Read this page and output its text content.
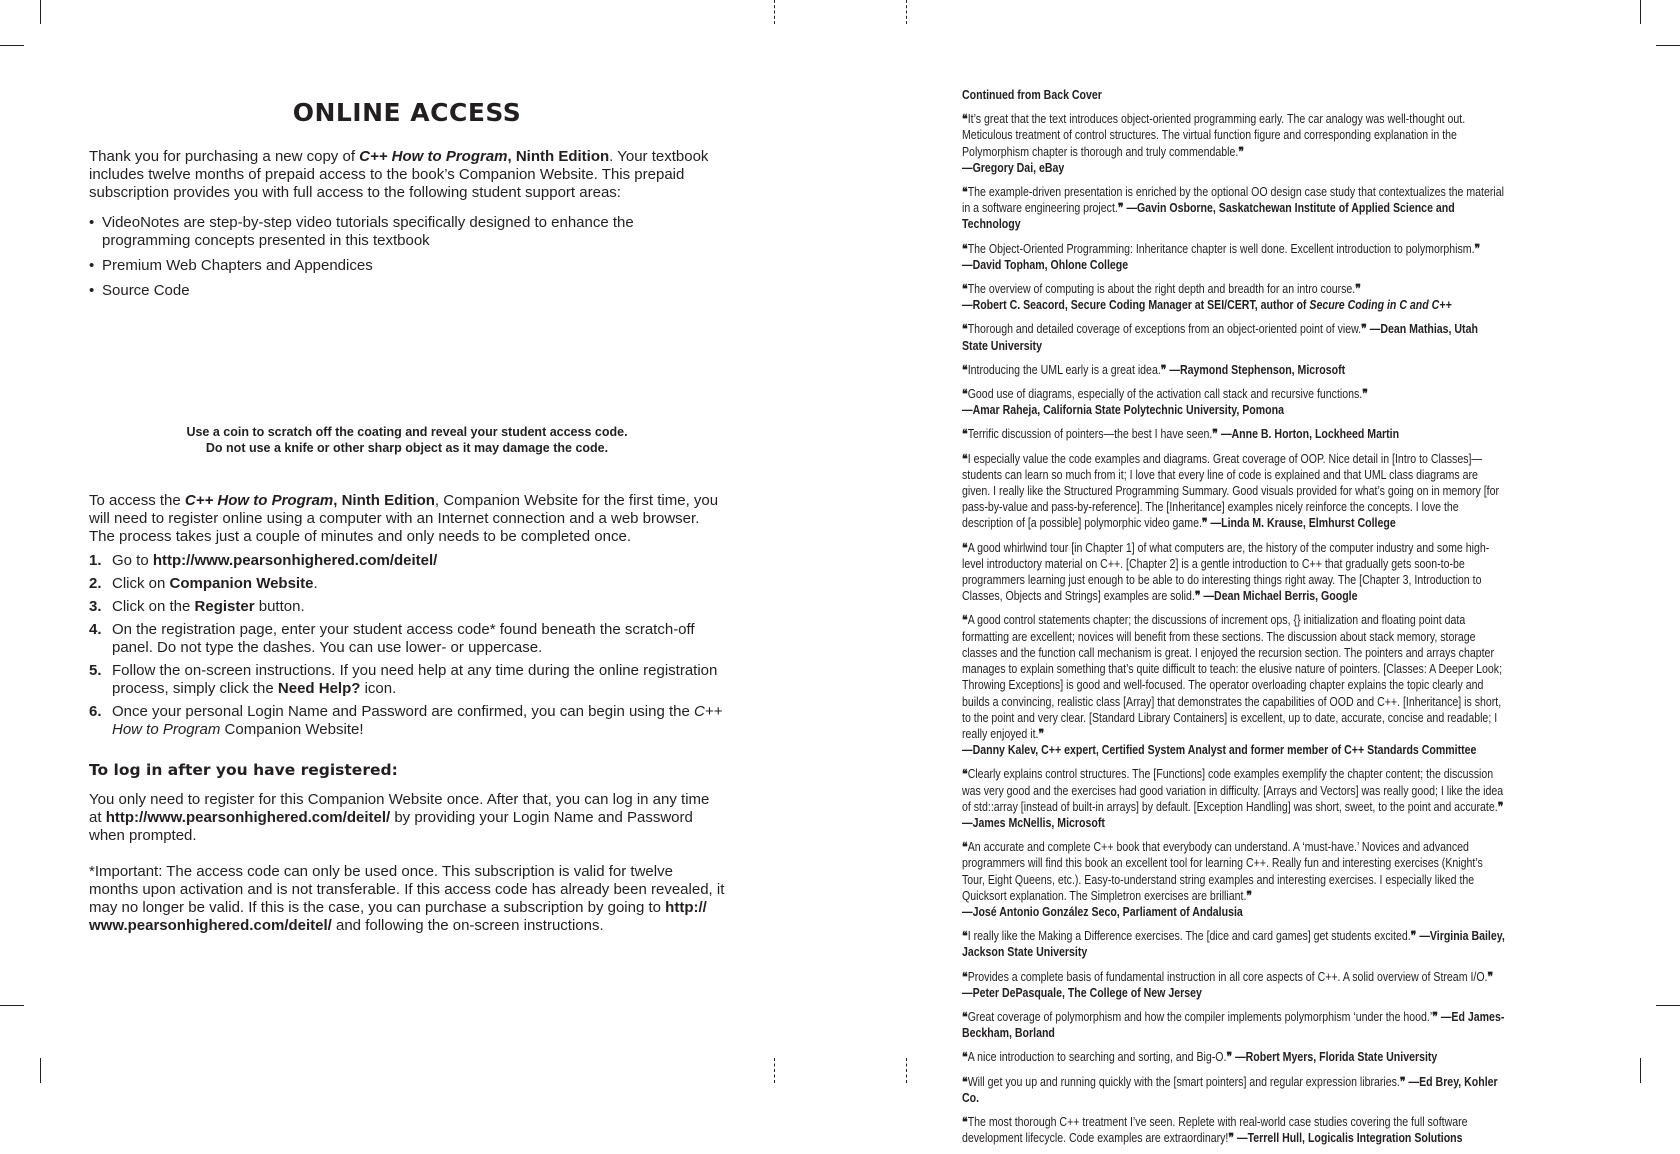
ONLINE ACCESS

Thank you for purchasing a new copy of C++ How to Program, Ninth Edition. Your textbook includes twelve months of prepaid access to the book’s Companion Website. This prepaid subscription provides you with full access to the following student support areas:

• VideoNotes are step-by-step video tutorials specifically designed to enhance the programming concepts presented in this textbook
• Premium Web Chapters and Appendices
• Source Code
Use a coin to scratch off the coating and reveal your student access code.
Do not use a knife or other sharp object as it may damage the code.

To access the C++ How to Program, Ninth Edition, Companion Website for the first time, you will need to register online using a computer with an Internet connection and a web browser. The process takes just a couple of minutes and only needs to be completed once.

1. Go to http://www.pearsonhighered.com/deitel/
2. Click on Companion Website.
3. Click on the Register button.
4. On the registration page, enter your student access code* found beneath the scratch-off panel. Do not type the dashes. You can use lower- or uppercase.
5. Follow the on-screen instructions. If you need help at any time during the online registration process, simply click the Need Help? icon.
6. Once your personal Login Name and Password are confirmed, you can begin using the C++ How to Program Companion Website!
To log in after you have registered:

You only need to register for this Companion Website once. After that, you can log in any time at http://www.pearsonhighered.com/deitel/ by providing your Login Name and Password when prompted.

*Important: The access code can only be used once. This subscription is valid for twelve months upon activation and is not transferable. If this access code has already been revealed, it may no longer be valid. If this is the case, you can purchase a subscription by going to http:// www.pearsonhighered.com/deitel/ and following the on-screen instructions.

Continued from Back Cover

❝It’s great that the text introduces object-oriented programming early. The car analogy was well-thought out. Meticulous treatment of control structures. The virtual function figure and corresponding explanation in the Polymorphism chapter is thorough and truly commendable.❞
—Gregory Dai, eBay

❝The example-driven presentation is enriched by the optional OO design case study that contextualizes the material in a software engineering project.❞ —Gavin Osborne, Saskatchewan Institute of Applied Science and Technology

❝The Object-Oriented Programming: Inheritance chapter is well done. Excellent introduction to polymorphism.❞
—David Topham, Ohlone College

❝The overview of computing is about the right depth and breadth for an intro course.❞
—Robert C. Seacord, Secure Coding Manager at SEI/CERT, author of Secure Coding in C and C++

❝Thorough and detailed coverage of exceptions from an object-oriented point of view.❞ —Dean Mathias, Utah State University

❝Introducing the UML early is a great idea.❞ —Raymond Stephenson, Microsoft

❝Good use of diagrams, especially of the activation call stack and recursive functions.❞
—Amar Raheja, California State Polytechnic University, Pomona

❝Terrific discussion of pointers—the best I have seen.❞ —Anne B. Horton, Lockheed Martin

❝I especially value the code examples and diagrams. Great coverage of OOP. Nice detail in [Intro to Classes]—students can learn so much from it; I love that every line of code is explained and that UML class diagrams are given. I really like the Structured Programming Summary. Good visuals provided for what’s going on in memory [for pass-by-value and pass-by-reference]. The [Inheritance] examples nicely reinforce the concepts. I love the description of [a possible] polymorphic video game.❞ —Linda M. Krause, Elmhurst College

❝A good whirlwind tour [in Chapter 1] of what computers are, the history of the computer industry and some high-level introductory material on C++. [Chapter 2] is a gentle introduction to C++ that gradually gets soon-to-be programmers learning just enough to be able to do interesting things right away. The [Chapter 3, Introduction to Classes, Objects and Strings] examples are solid.❞ —Dean Michael Berris, Google

❝A good control statements chapter; the discussions of increment ops, {} initialization and floating point data formatting are excellent; novices will benefit from these sections. The discussion about stack memory, storage classes and the function call mechanism is great. I enjoyed the recursion section. The pointers and arrays chapter manages to explain something that’s quite difficult to teach: the elusive nature of pointers. [Classes: A Deeper Look; Throwing Exceptions] is good and well-focused. The operator overloading chapter explains the topic clearly and builds a convincing, realistic class [Array] that demonstrates the capabilities of OOD and C++. [Inheritance] is short, to the point and very clear. [Standard Library Containers] is excellent, up to date, accurate, concise and readable; I really enjoyed it.❞
—Danny Kalev, C++ expert, Certified System Analyst and former member of C++ Standards Committee

❝Clearly explains control structures. The [Functions] code examples exemplify the chapter content; the discussion was very good and the exercises had good variation in difficulty. [Arrays and Vectors] was really good; I like the idea of std::array [instead of built-in arrays] by default. [Exception Handling] was short, sweet, to the point and accurate.❞ —James McNellis, Microsoft

❝An accurate and complete C++ book that everybody can understand. A ‘must-have.’ Novices and advanced programmers will find this book an excellent tool for learning C++. Really fun and interesting exercises (Knight’s Tour, Eight Queens, etc.). Easy-to-understand string examples and interesting exercises. I especially liked the Quicksort explanation. The Simpletron exercises are brilliant.❞
—José Antonio González Seco, Parliament of Andalusia

❝I really like the Making a Difference exercises. The [dice and card games] get students excited.❞ —Virginia Bailey, Jackson State University

❝Provides a complete basis of fundamental instruction in all core aspects of C++. A solid overview of Stream I/O.❞
—Peter DePasquale, The College of New Jersey

❝Great coverage of polymorphism and how the compiler implements polymorphism ‘under the hood.’❞ —Ed James-Beckham, Borland

❝A nice introduction to searching and sorting, and Big-O.❞ —Robert Myers, Florida State University

❝Will get you up and running quickly with the [smart pointers] and regular expression libraries.❞ —Ed Brey, Kohler Co.

❝The most thorough C++ treatment I’ve seen. Replete with real-world case studies covering the full software development lifecycle. Code examples are extraordinary!❞ —Terrell Hull, Logicalis Integration Solutions
